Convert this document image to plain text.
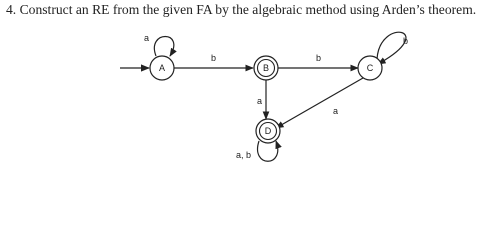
4. Construct an RE from the given FA by the algebraic method using Arden’s theorem.
a
b	b
b
a
a
a, b
A	B	C
D
